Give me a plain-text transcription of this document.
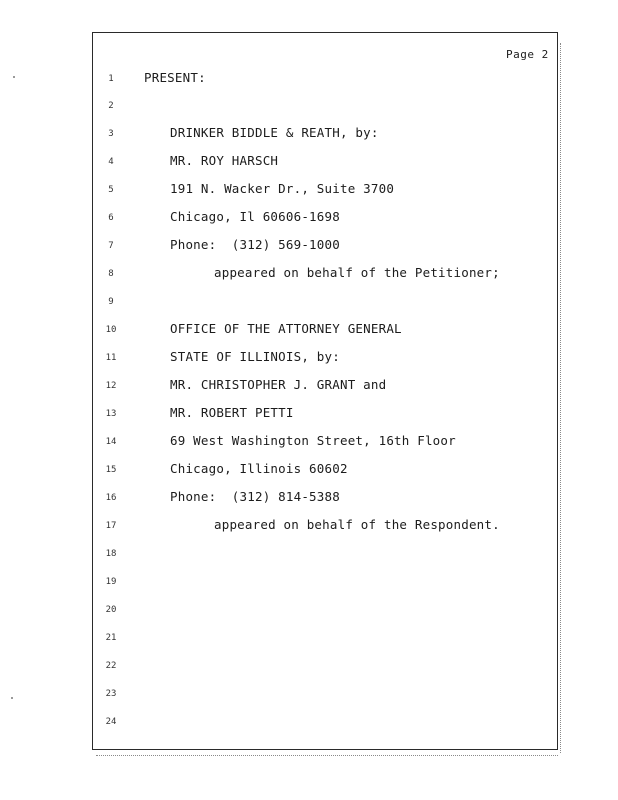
Page 2
1	PRESENT:
2
3	DRINKER BIDDLE & REATH, by:
4	MR. ROY HARSCH
5	191 N. Wacker Dr., Suite 3700
6	Chicago, Il 60606-1698
7	Phone:  (312) 569-1000
8	appeared on behalf of the Petitioner;
9
10	OFFICE OF THE ATTORNEY GENERAL
11	STATE OF ILLINOIS, by:
12	MR. CHRISTOPHER J. GRANT and
13	MR. ROBERT PETTI
14	69 West Washington Street, 16th Floor
15	Chicago, Illinois 60602
16	Phone:  (312) 814-5388
17	appeared on behalf of the Respondent.
18
19
20
21
22
23
24
